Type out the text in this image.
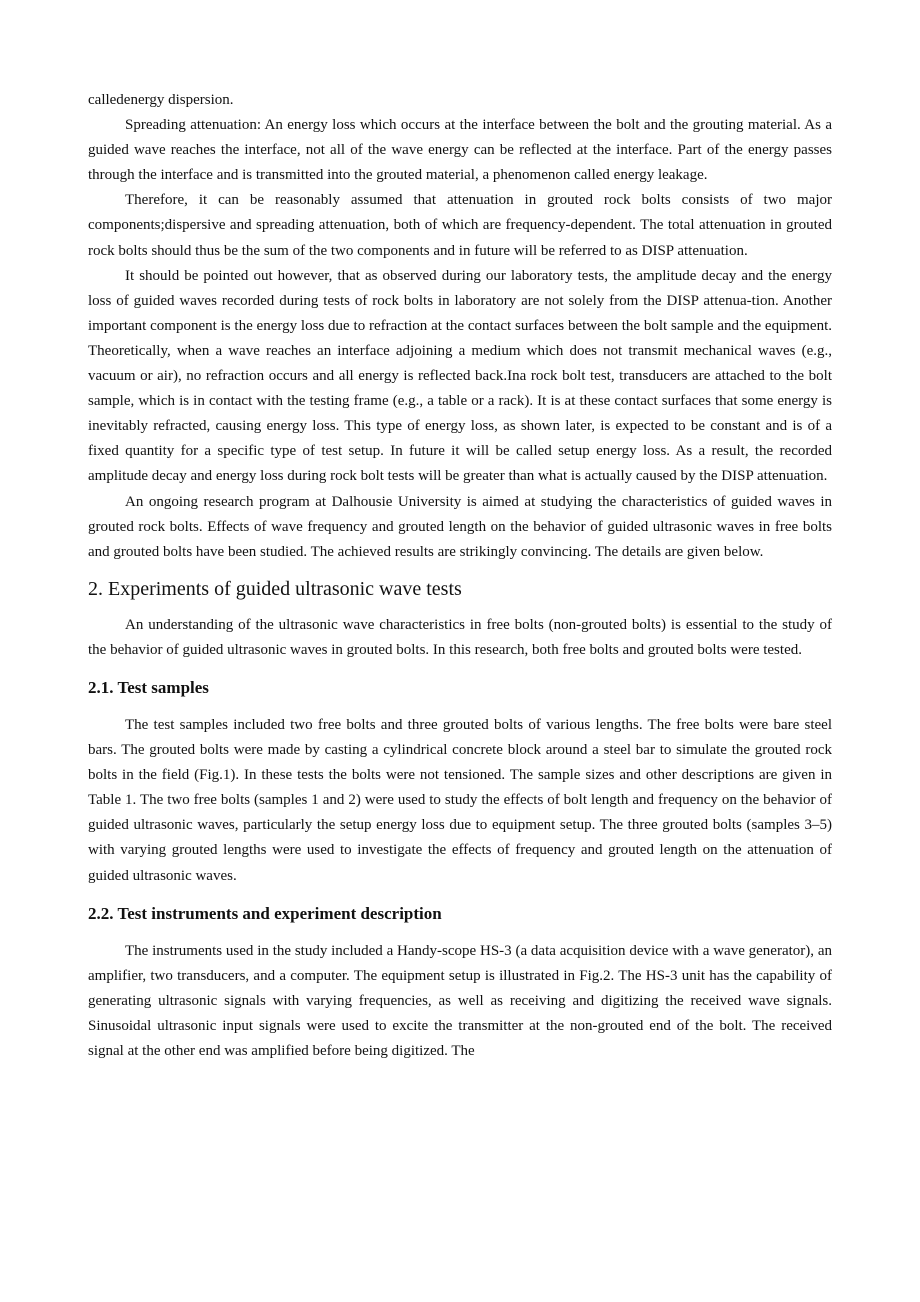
calledenergy dispersion.

Spreading attenuation: An energy loss which occurs at the interface between the bolt and the grouting material. As a guided wave reaches the interface, not all of the wave energy can be reflected at the interface. Part of the energy passes through the interface and is transmitted into the grouted material, a phenomenon called energy leakage.

Therefore, it can be reasonably assumed that attenuation in grouted rock bolts consists of two major components;dispersive and spreading attenuation, both of which are frequency-dependent. The total attenuation in grouted rock bolts should thus be the sum of the two components and in future will be referred to as DISP attenuation.

It should be pointed out however, that as observed during our laboratory tests, the amplitude decay and the energy loss of guided waves recorded during tests of rock bolts in laboratory are not solely from the DISP attenua-tion. Another important component is the energy loss due to refraction at the contact surfaces between the bolt sample and the equipment. Theoretically, when a wave reaches an interface adjoining a medium which does not transmit mechanical waves (e.g., vacuum or air), no refraction occurs and all energy is reflected back.Ina rock bolt test, transducers are attached to the bolt sample, which is in contact with the testing frame (e.g., a table or a rack). It is at these contact surfaces that some energy is inevitably refracted, causing energy loss. This type of energy loss, as shown later, is expected to be constant and is of a fixed quantity for a specific type of test setup. In future it will be called setup energy loss. As a result, the recorded amplitude decay and energy loss during rock bolt tests will be greater than what is actually caused by the DISP attenuation.

An ongoing research program at Dalhousie University is aimed at studying the characteristics of guided waves in grouted rock bolts. Effects of wave frequency and grouted length on the behavior of guided ultrasonic waves in free bolts and grouted bolts have been studied. The achieved results are strikingly convincing. The details are given below.

2. Experiments of guided ultrasonic wave tests

An understanding of the ultrasonic wave characteristics in free bolts (non-grouted bolts) is essential to the study of the behavior of guided ultrasonic waves in grouted bolts. In this research, both free bolts and grouted bolts were tested.

2.1. Test samples

The test samples included two free bolts and three grouted bolts of various lengths. The free bolts were bare steel bars. The grouted bolts were made by casting a cylindrical concrete block around a steel bar to simulate the grouted rock bolts in the field (Fig.1). In these tests the bolts were not tensioned. The sample sizes and other descriptions are given in Table 1. The two free bolts (samples 1 and 2) were used to study the effects of bolt length and frequency on the behavior of guided ultrasonic waves, particularly the setup energy loss due to equipment setup. The three grouted bolts (samples 3–5) with varying grouted lengths were used to investigate the effects of frequency and grouted length on the attenuation of guided ultrasonic waves.

2.2. Test instruments and experiment description

The instruments used in the study included a Handy-scope HS-3 (a data acquisition device with a wave generator), an amplifier, two transducers, and a computer. The equipment setup is illustrated in Fig.2. The HS-3 unit has the capability of generating ultrasonic signals with varying frequencies, as well as receiving and digitizing the received wave signals. Sinusoidal ultrasonic input signals were used to excite the transmitter at the non-grouted end of the bolt. The received signal at the other end was amplified before being digitized. The
